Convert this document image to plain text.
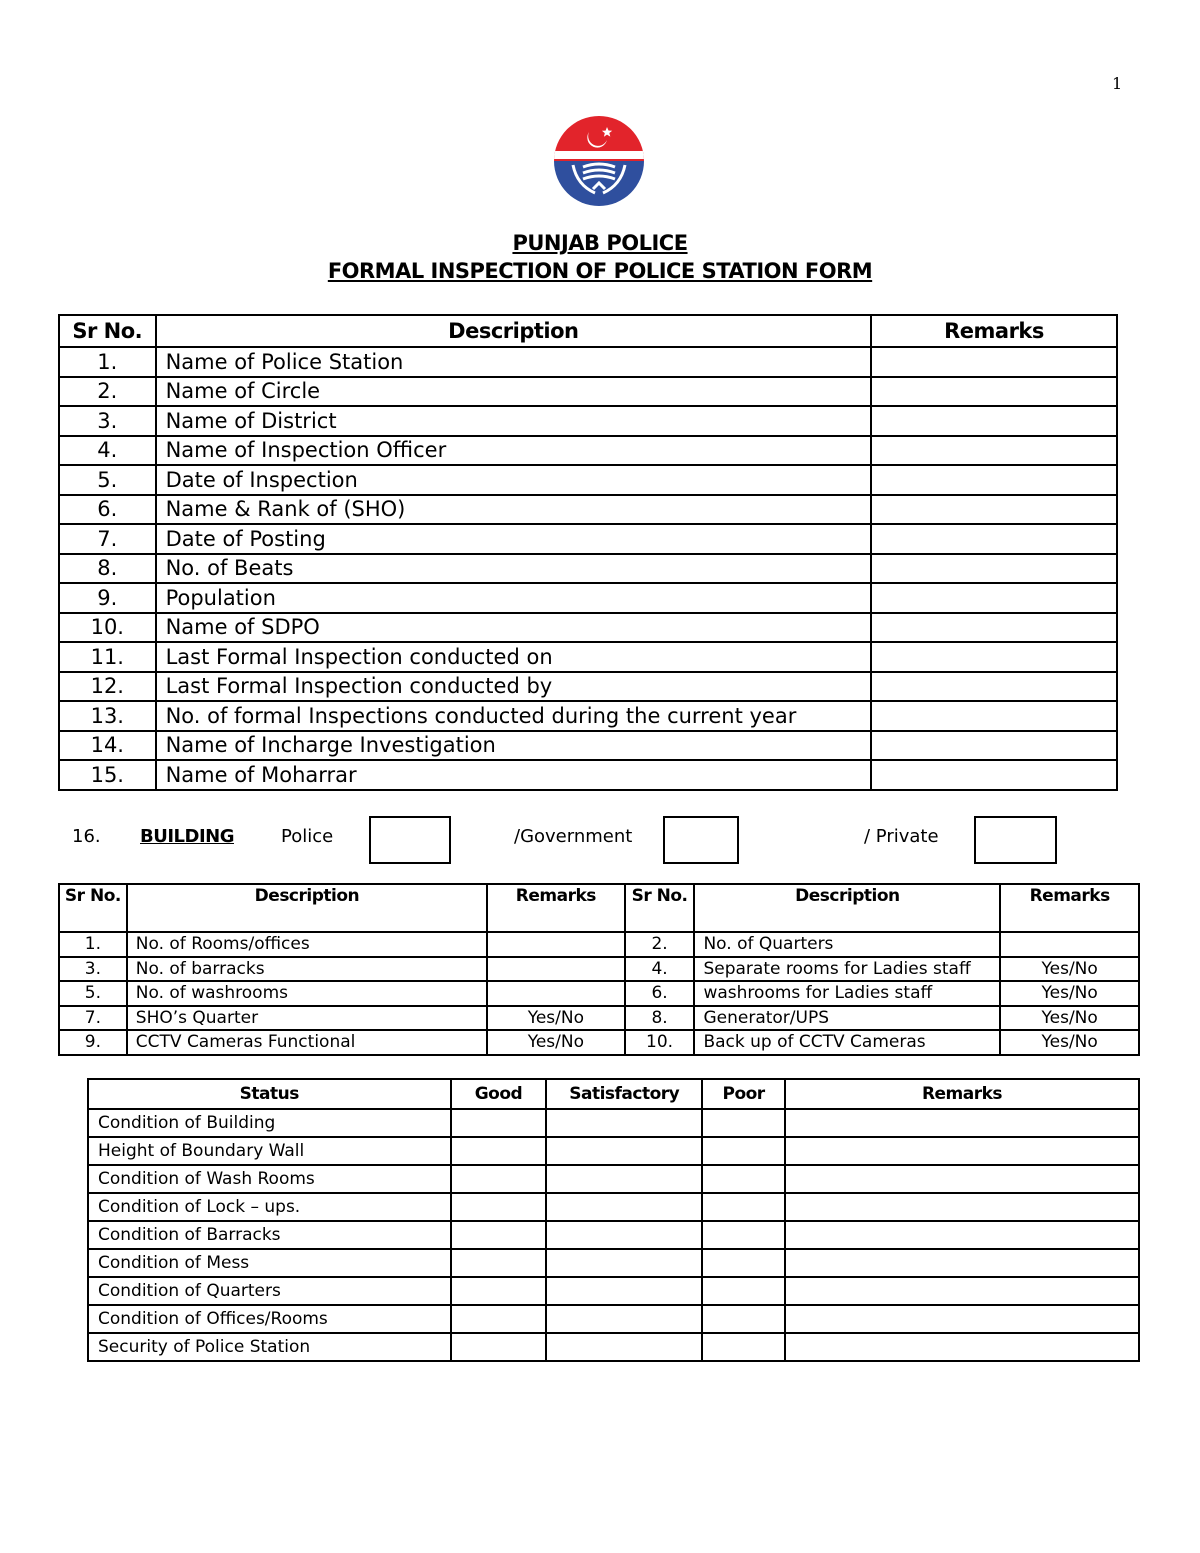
1
PUNJAB POLICE
FORMAL INSPECTION OF POLICE STATION FORM
Sr No.	Description	Remarks
1.	Name of Police Station	
2.	Name of Circle	
3.	Name of District	
4.	Name of Inspection Officer	
5.	Date of Inspection	
6.	Name & Rank of (SHO)	
7.	Date of Posting	
8.	No. of Beats	
9.	Population	
10.	Name of SDPO	
11.	Last Formal Inspection conducted on	
12.	Last Formal Inspection conducted by	
13.	No. of formal Inspections conducted during the current year	
14.	Name of Incharge Investigation	
15.	Name of Moharrar	
16. BUILDING	Police	/Government	/ Private
Sr No.	Description	Remarks	Sr No.	Description	Remarks
1.	No. of Rooms/offices		2.	No. of Quarters	
3.	No. of barracks		4.	Separate rooms for Ladies staff	Yes/No
5.	No. of washrooms		6.	washrooms for Ladies staff	Yes/No
7.	SHO’s Quarter	Yes/No	8.	Generator/UPS	Yes/No
9.	CCTV Cameras Functional	Yes/No	10.	Back up of CCTV Cameras	Yes/No
Status	Good	Satisfactory	Poor	Remarks
Condition of Building				
Height of Boundary Wall				
Condition of Wash Rooms				
Condition of Lock – ups.				
Condition of Barracks				
Condition of Mess				
Condition of Quarters				
Condition of Offices/Rooms				
Security of Police Station				
